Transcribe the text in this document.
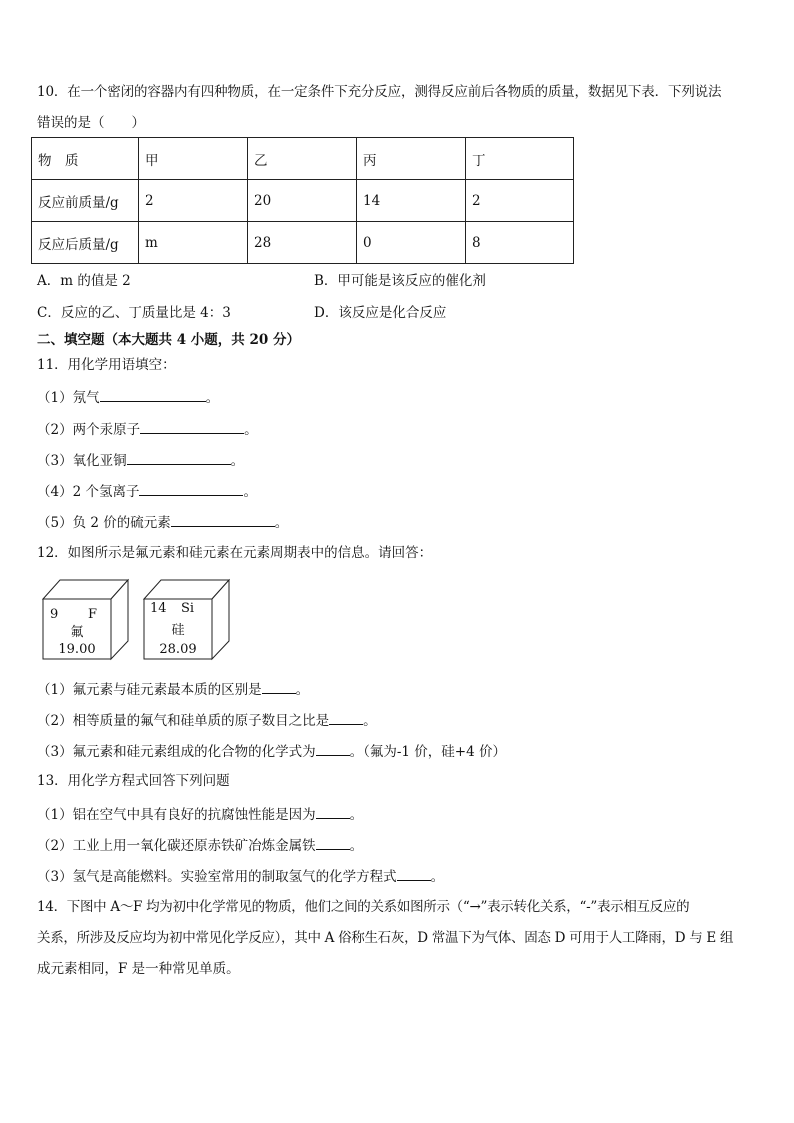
10．在一个密闭的容器内有四种物质，在一定条件下充分反应，测得反应前后各物质的质量，数据见下表．下列说法
错误的是（　　）
物　质	甲	乙	丙	丁
反应前质量/g	2	20	14	2
反应后质量/g	m	28	0	8
A．m 的值是 2	B．甲可能是该反应的催化剂
C．反应的乙、丁质量比是 4：3	D．该反应是化合反应
二、填空题（本大题共 4 小题，共 20 分）
11．用化学用语填空：
（1）氖气	。
（2）两个汞原子	。
（3）氧化亚铜	。
（4）2 个氢离子	。
（5）负 2 价的硫元素	。
12．如图所示是氟元素和硅元素在元素周期表中的信息。请回答：
9 F
氟
19.00
14 Si
硅
28.09
（1）氟元素与硅元素最本质的区别是	。
（2）相等质量的氟气和硅单质的原子数目之比是	。
（3）氟元素和硅元素组成的化合物的化学式为	。（氟为-1 价，硅+4 价）
13．用化学方程式回答下列问题
（1）铝在空气中具有良好的抗腐蚀性能是因为	。
（2）工业上用一氧化碳还原赤铁矿冶炼金属铁	。
（3）氢气是高能燃料。实验室常用的制取氢气的化学方程式	。
14．下图中 A～F 均为初中化学常见的物质，他们之间的关系如图所示（“→”表示转化关系，“-”表示相互反应的
关系，所涉及反应均为初中常见化学反应），其中 A 俗称生石灰，D 常温下为气体、固态 D 可用于人工降雨，D 与 E 组
成元素相同，F 是一种常见单质。
